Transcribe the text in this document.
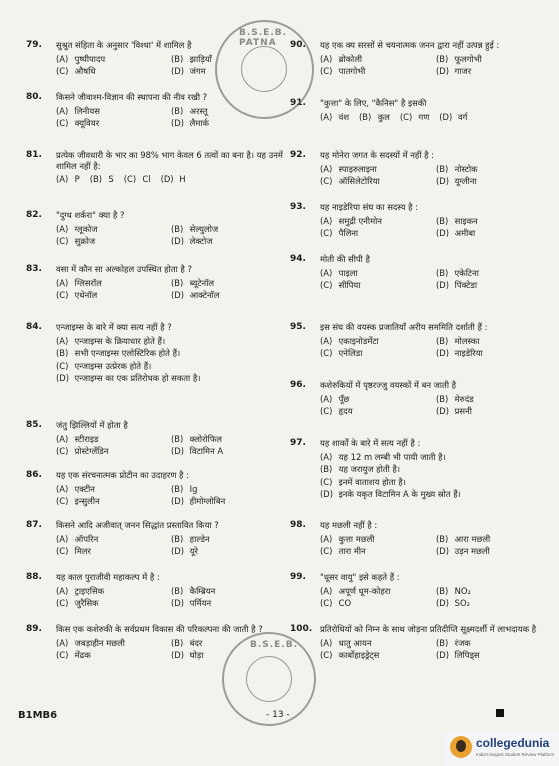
79. सुश्रुत संहिता के अनुसार 'विश्धा' में शामिल है
(A) पुष्पीपादप	(B) झाड़ियाँ
(C) औषधि	(D) जंगम
80. किसने जीवाश्म-विज्ञान की स्थापना की नीव रखी ?
(A) लिनीयस	(B) अरस्तू
(C) क्यूवियर	(D) लैमार्क
81. प्रत्येक जीवधारी के भार का 98% भाग केवल 6 तत्वों का बना है। यह उनमें शामिल नहीं है:
(A) P (B) S (C) Cl (D) H
82. "दुग्ध शर्करा" क्या है ?
(A) ग्लूकोज	(B) सेल्युलोज
(C) सुक्रोज	(D) लेक्टोज
83. वसा में कौन सा अल्कोहल उपस्थित होता है ?
(A) ग्लिसरॉल	(B) ब्यूटेनॉल
(C) एथेनॉल	(D) आक्टेनॉल
84. एन्जाइम्स के बारे में क्या सत्य नहीं है ?
(A) एन्जाइम्स के क्रियाधार होते हैं।
(B) सभी एन्जाइम्स एलोस्टिरिक होते हैं।
(C) एन्जाइम्स उत्प्रेरक होते हैं।
(D) एन्जाइम्स का एक प्रतिरोधक हो सकता है।
85. जंतु झिल्लियों में होता है
(A) स्टीराइड	(B) क्लोरोफिल
(C) प्रोस्टेग्लेंडिन	(D) विटामिन A
86. यह एक संरचनात्मक प्रोटीन का उदाहरण है :
(A) एक्टीन	(B) Ig
(C) इन्सुलीन	(D) हीमोग्लोबिन
87. किसने आदि अजीवात् जनन सिद्धांत प्रस्तावित किया ?
(A) ऑपरिन	(B) हाल्डेन
(C) मिलर	(D) यूरे
88. यह काल पुराजीवी महाकल्प में है :
(A) ट्राइएसिक	(B) कैम्ब्रियन
(C) जुरैसिक	(D) पर्मियन
89. किस एक कशेरुकी के सर्वप्रथम विकास की परिकल्पना की जाती है ?
(A) जबड़ाहीन मछली	(B) बंदर
(C) मेंढक	(D) घोड़ा
90. यह एक क्य सरसों से चयनात्मक जनन द्वारा नहीं उत्पन्न हुई :
(A) ब्रोकोली	(B) फूलगोभी
(C) पातगोभी	(D) गाजर
91. "कुत्ता" के लिए, "कैनिस" है इसकी
(A) वंश (B) कुल (C) गण (D) वर्ग
92. यह मोनेरा जगत के सदस्यों में नहीं है :
(A) स्पाइरुलाइना	(B) नोस्टोक
(C) ऑसिलेटोरिया	(D) यूग्लीना
93. यह नाइडेरिया संघ का सदस्य है :
(A) समुद्री एनीमोन	(B) साइकन
(C) पैलिना	(D) अमीबा
94. मोती की सीपी है
(A) पाइला	(B) एकेटिना
(C) सीपिया	(D) पिंक्टेडा
95. इस संघ की वयस्क प्रजातियाँ अरीय सममिति दर्शाती हैं :
(A) एकाइनोडर्मेटा	(B) मोलस्का
(C) एनेलिडा	(D) नाइडेरिया
96. कशेरुकियों में पृष्ठरज्जु वयस्कों में बन जाती है
(A) पूँछ	(B) मेरुदंड
(C) हृदय	(D) प्रसनी
97. यह शार्कों के बारे में सत्य नहीं है :
(A) यह 12 m लम्बी भी पायी जाती है।
(B) यह जरायुज होती है।
(C) इनमें वाताशय होता है।
(D) इनके यकृत विटामिन A के मुख्य स्रोत हैं।
98. यह मछली नहीं है :
(A) कुत्ता मछली	(B) आरा मछली
(C) तारा मीन	(D) उड़न मछली
99. "धूसर वायु" इसे कहते हैं :
(A) अपूर्ण धूम-कोहरा	(B) NO₂
(C) CO	(D) SO₂
100. प्रतिरोधियों को निम्न के साथ जोड़ना प्रतिदीप्ति सूक्ष्मदर्शी में लाभदायक है
(A) धातु आयन	(B) रंजक
(C) कार्बोहाइड्रेट्स	(D) लिपिड्स
B.S.E.B. PATNA
B.S.E.B.
B1MB6	- 13 -
collegedunia
India's largest Student Review Platform
